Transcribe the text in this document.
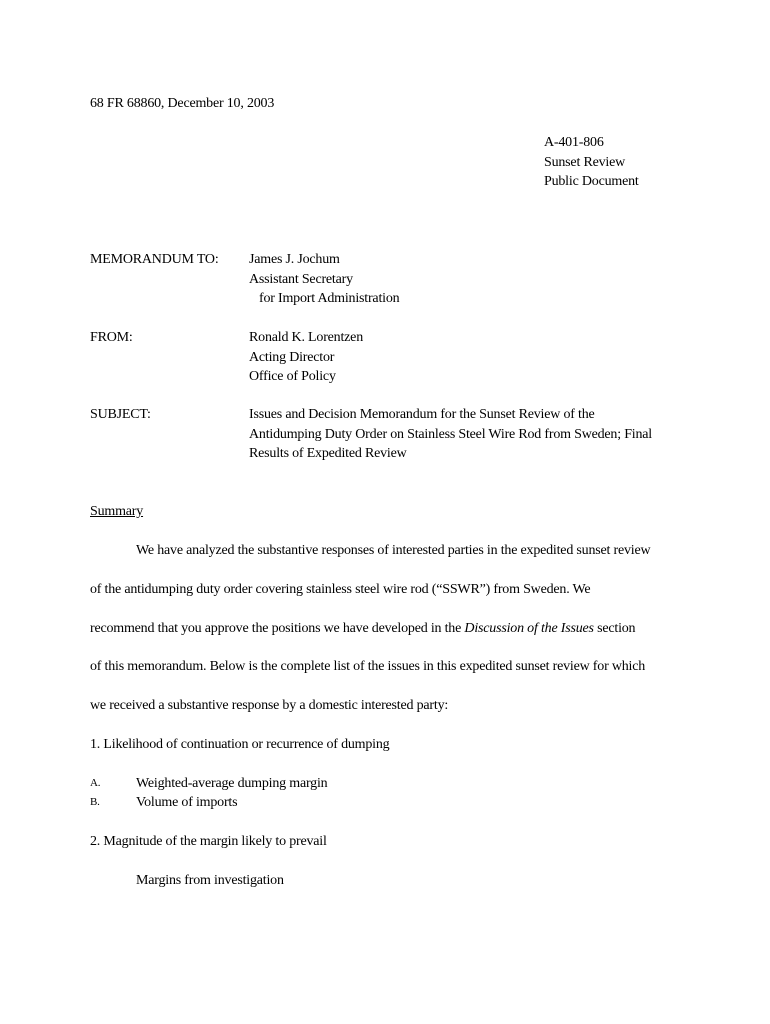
68 FR 68860, December 10, 2003
A-401-806
Sunset Review
Public Document
MEMORANDUM TO: James J. Jochum
Assistant Secretary
for Import Administration
FROM:	Ronald K. Lorentzen
Acting Director
Office of Policy
SUBJECT:	Issues and Decision Memorandum for the Sunset Review of the
Antidumping Duty Order on Stainless Steel Wire Rod from Sweden; Final
Results of Expedited Review
Summary
We have analyzed the substantive responses of interested parties in the expedited sunset review
of the antidumping duty order covering stainless steel wire rod (“SSWR”) from Sweden. We
recommend that you approve the positions we have developed in the Discussion of the Issues section
of this memorandum. Below is the complete list of the issues in this expedited sunset review for which
we received a substantive response by a domestic interested party:
1. Likelihood of continuation or recurrence of dumping
A.	Weighted-average dumping margin
B.	Volume of imports
2. Magnitude of the margin likely to prevail
Margins from investigation
